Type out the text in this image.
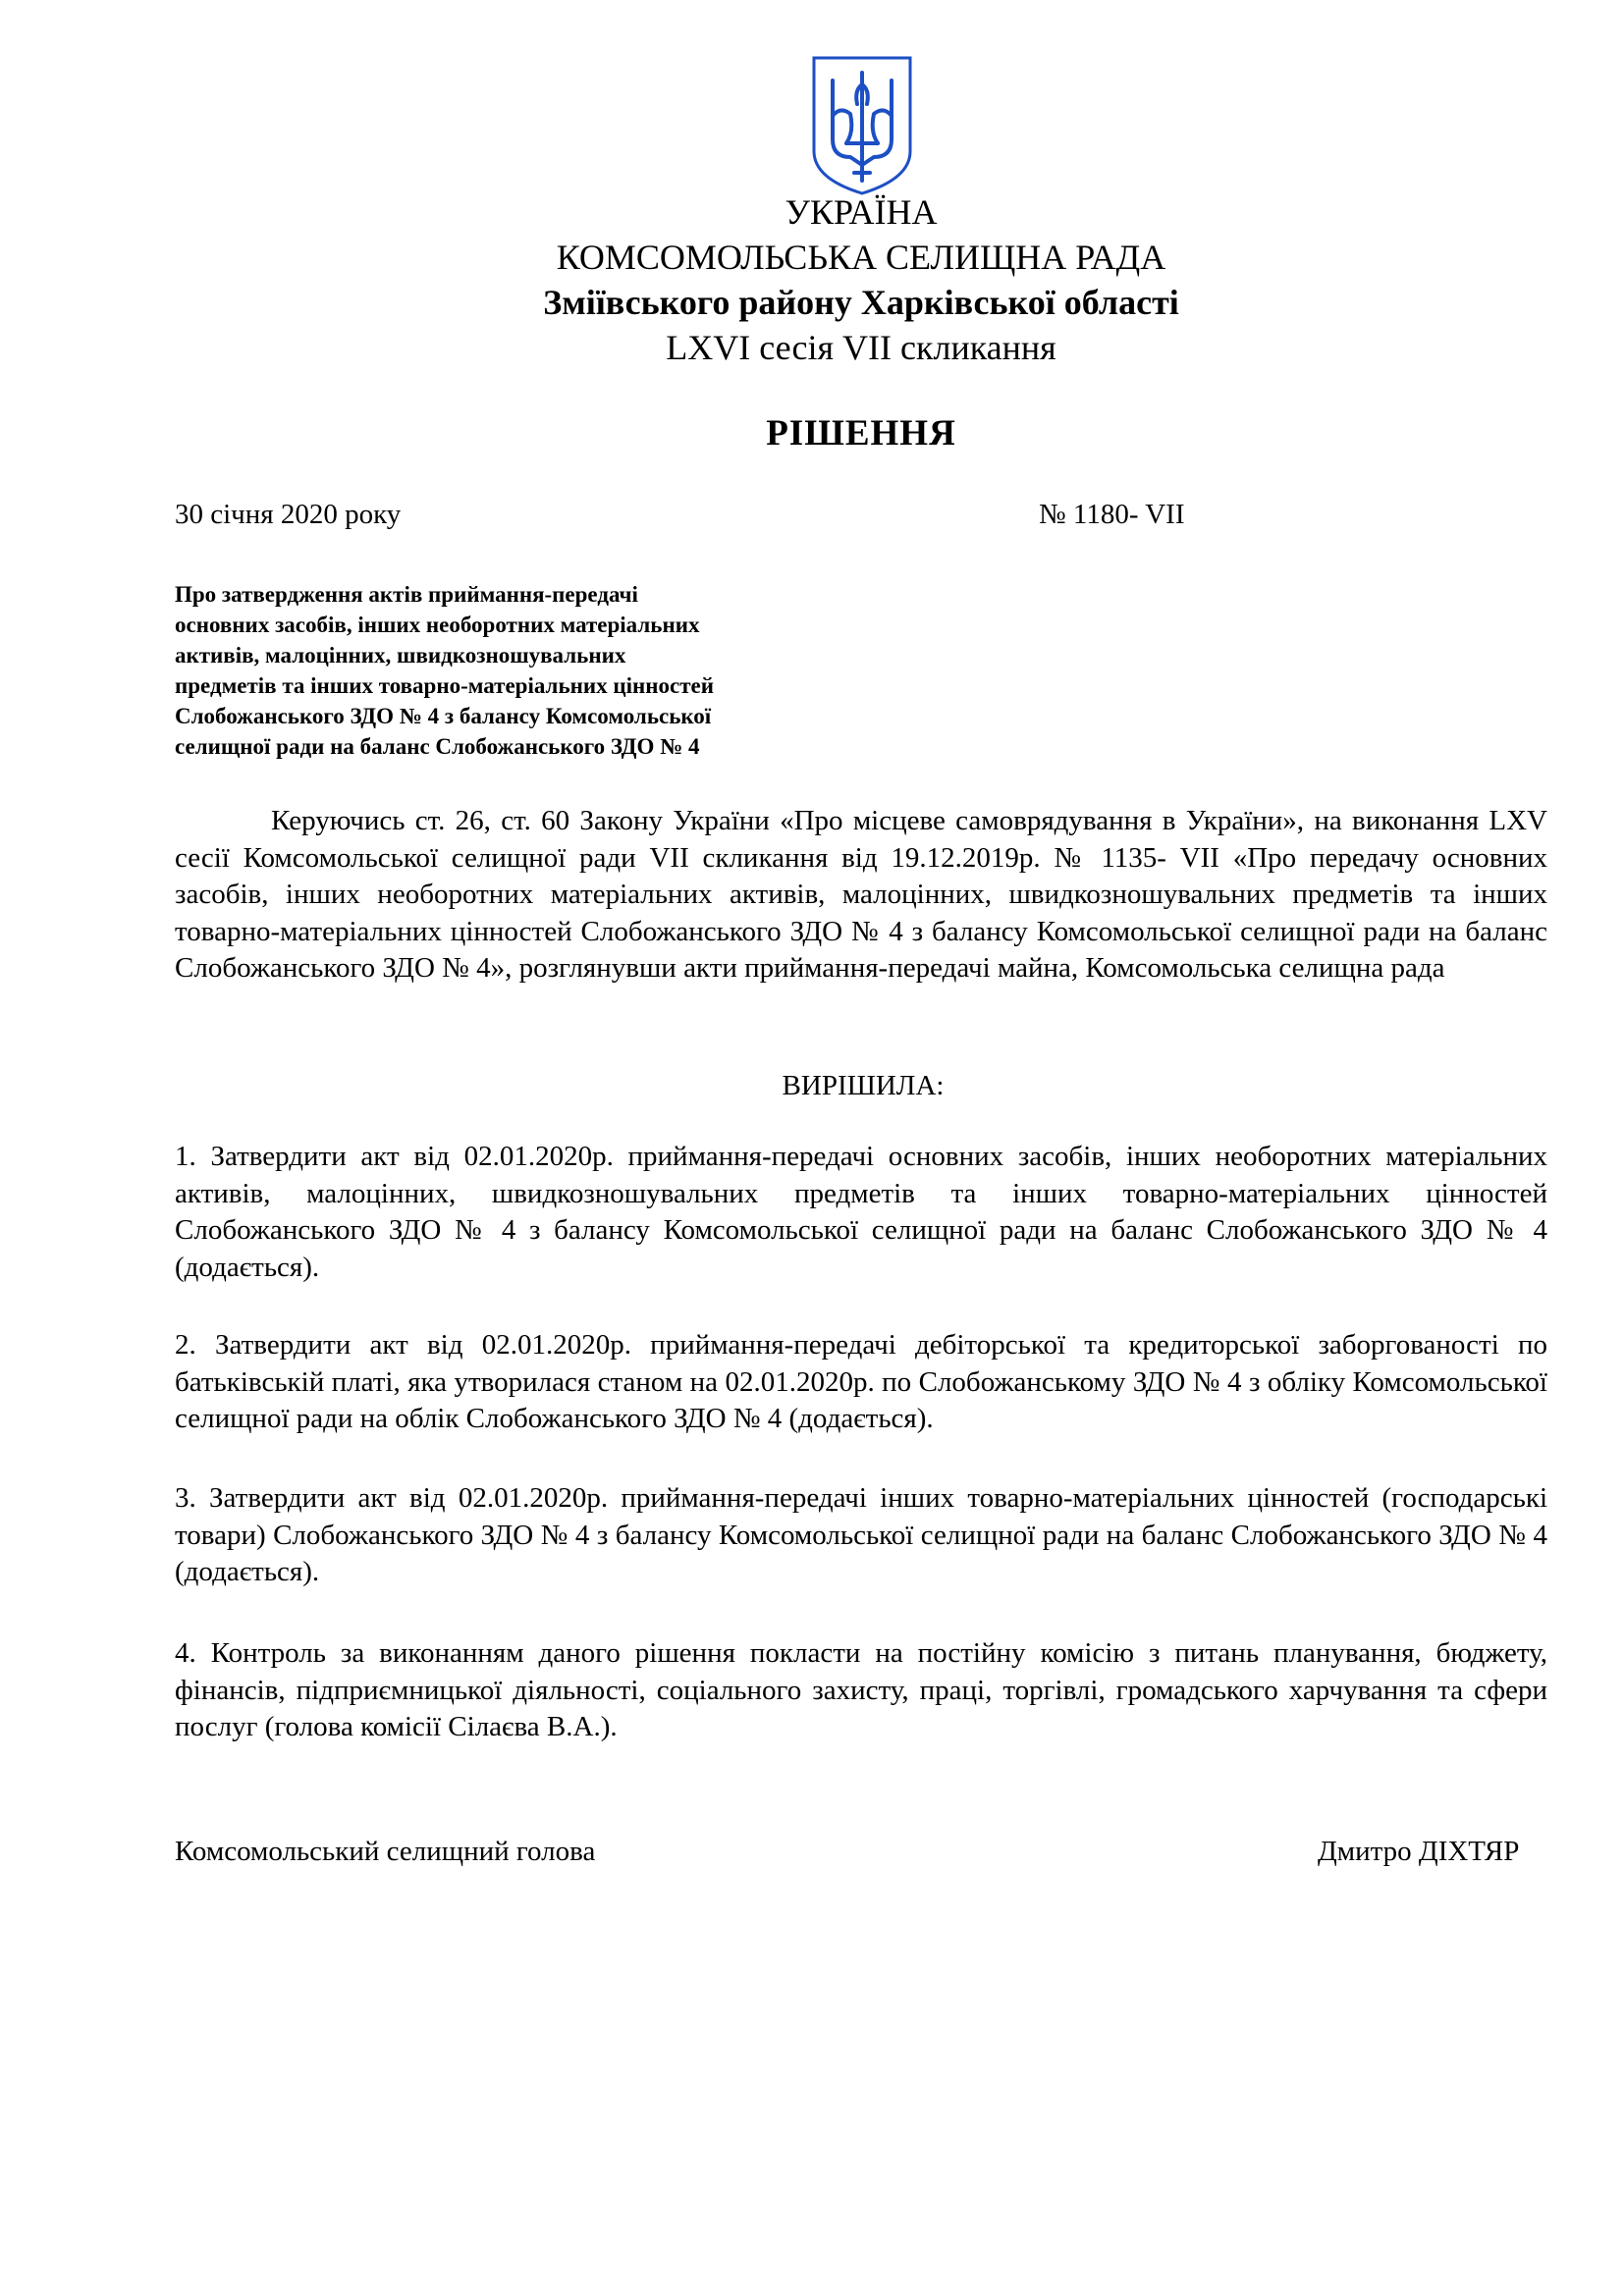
УКРАЇНА
КОМСОМОЛЬСЬКА СЕЛИЩНА РАДА
Зміївського району Харківської області
LXVI сесія VII скликання
РІШЕННЯ
30 січня 2020 року	№ 1180- VII
Про затвердження актів приймання-передачі
основних засобів, інших необоротних матеріальних
активів, малоцінних, швидкозношувальних
предметів та інших товарно-матеріальних цінностей
Слобожанського ЗДО № 4 з балансу Комсомольської
селищної ради на баланс Слобожанського ЗДО № 4
Керуючись ст. 26, ст. 60 Закону України «Про місцеве самоврядування в України», на виконання LXV сесії Комсомольської селищної ради VII скликання від 19.12.2019р. № 1135- VII «Про передачу основних засобів, інших необоротних матеріальних активів, малоцінних, швидкозношувальних предметів та інших товарно-матеріальних цінностей Слобожанського ЗДО № 4 з балансу Комсомольської селищної ради на баланс Слобожанського ЗДО № 4», розглянувши акти приймання-передачі майна, Комсомольська селищна рада
ВИРІШИЛА:
1. Затвердити акт від 02.01.2020р. приймання-передачі основних засобів, інших необоротних матеріальних активів, малоцінних, швидкозношувальних предметів та інших товарно-матеріальних цінностей Слобожанського ЗДО № 4 з балансу Комсомольської селищної ради на баланс Слобожанського ЗДО № 4 (додається).
2. Затвердити акт від 02.01.2020р. приймання-передачі дебіторської та кредиторської заборгованості по батьківській платі, яка утворилася станом на 02.01.2020р. по Слобожанському ЗДО № 4 з обліку Комсомольської селищної ради на облік Слобожанського ЗДО № 4 (додається).
3. Затвердити акт від 02.01.2020р. приймання-передачі інших товарно-матеріальних цінностей (господарські товари) Слобожанського ЗДО № 4 з балансу Комсомольської селищної ради на баланс Слобожанського ЗДО № 4 (додається).
4. Контроль за виконанням даного рішення покласти на постійну комісію з питань планування, бюджету, фінансів, підприємницької діяльності, соціального захисту, праці, торгівлі, громадського харчування та сфери послуг (голова комісії Сілаєва В.А.).
Комсомольський селищний голова	Дмитро ДІХТЯР
